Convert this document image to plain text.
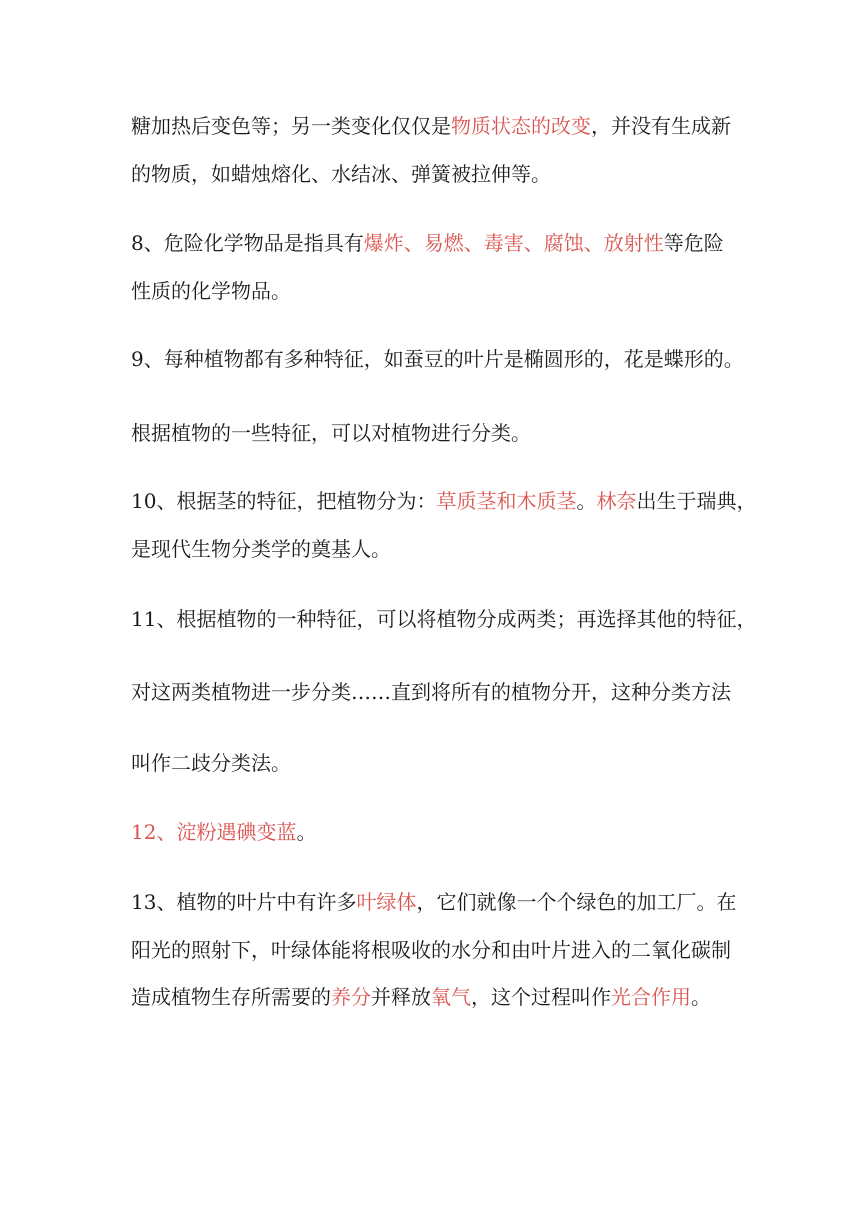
糖加热后变色等；另一类变化仅仅是物质状态的改变，并没有生成新
的物质，如蜡烛熔化、水结冰、弹簧被拉伸等。
8、危险化学物品是指具有爆炸、易燃、毒害、腐蚀、放射性等危险
性质的化学物品。
9、每种植物都有多种特征，如蚕豆的叶片是椭圆形的，花是蝶形的。
根据植物的一些特征，可以对植物进行分类。
10、根据茎的特征，把植物分为：草质茎和木质茎。林奈出生于瑞典，
是现代生物分类学的奠基人。
11、根据植物的一种特征，可以将植物分成两类；再选择其他的特征，
对这两类植物进一步分类……直到将所有的植物分开，这种分类方法
叫作二歧分类法。
12、淀粉遇碘变蓝。
13、植物的叶片中有许多叶绿体，它们就像一个个绿色的加工厂。在
阳光的照射下，叶绿体能将根吸收的水分和由叶片进入的二氧化碳制
造成植物生存所需要的养分并释放氧气，这个过程叫作光合作用。
